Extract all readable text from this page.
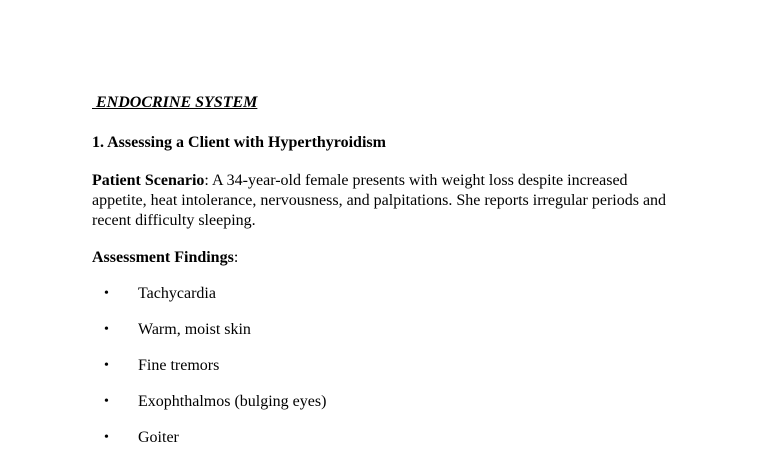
ENDOCRINE SYSTEM
1. Assessing a Client with Hyperthyroidism

Patient Scenario: A 34-year-old female presents with weight loss despite increased appetite, heat intolerance, nervousness, and palpitations. She reports irregular periods and recent difficulty sleeping.

Assessment Findings:

• Tachycardia
• Warm, moist skin
• Fine tremors
• Exophthalmos (bulging eyes)
• Goiter
